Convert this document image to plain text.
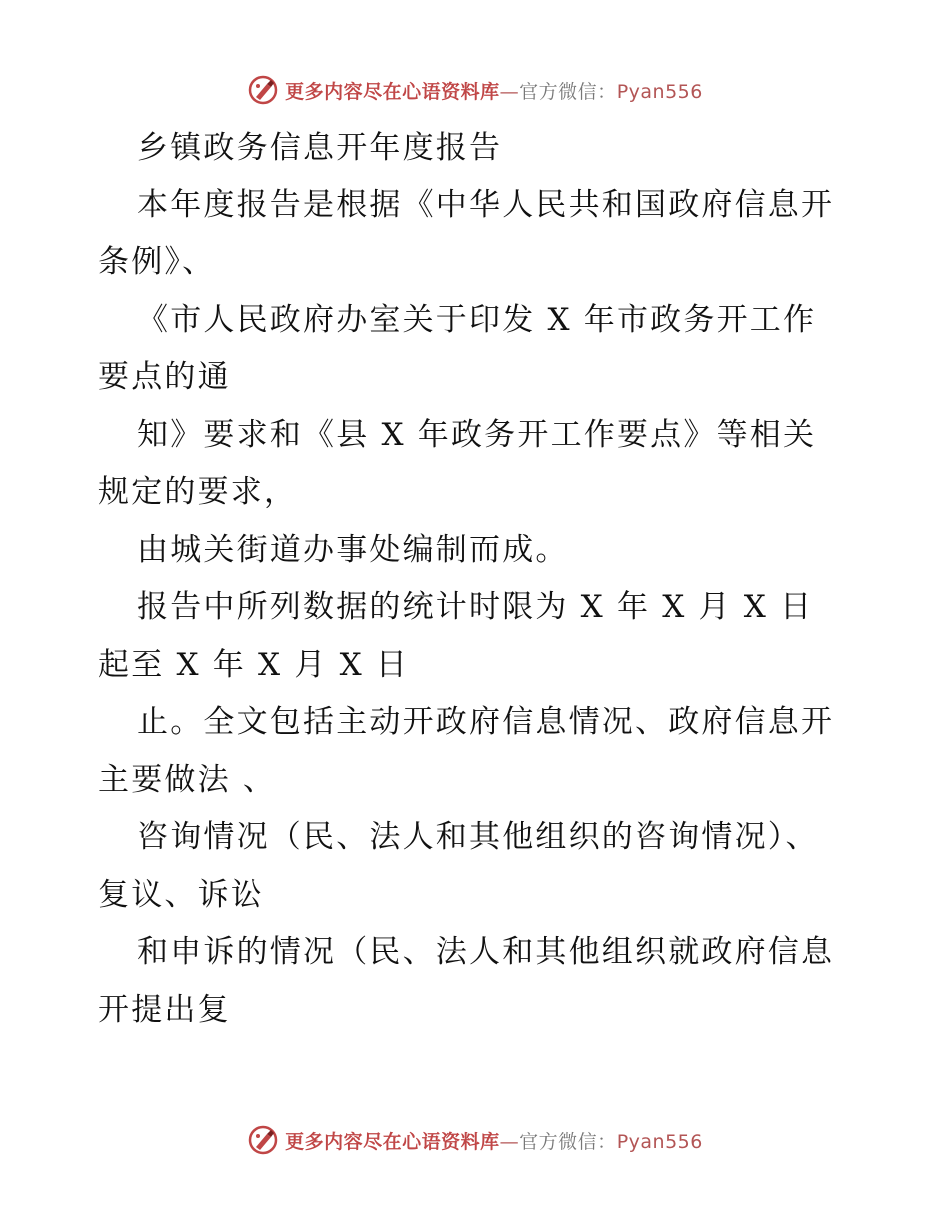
更多内容尽在心语资料库—官方微信：Pyan556
乡镇政务信息开年度报告
本年度报告是根据《中华人民共和国政府信息开
条例》、
《市人民政府办室关于印发 X 年市政务开工作
要点的通
知》要求和《县 X 年政务开工作要点》等相关
规定的要求，
由城关街道办事处编制而成。
报告中所列数据的统计时限为 X 年 X 月 X 日
起至 X 年 X 月 X 日
止。全文包括主动开政府信息情况、政府信息开
主要做法 、
咨询情况（民、法人和其他组织的咨询情况）、
复议、诉讼
和申诉的情况（民、法人和其他组织就政府信息
开提出复
更多内容尽在心语资料库—官方微信：Pyan556
